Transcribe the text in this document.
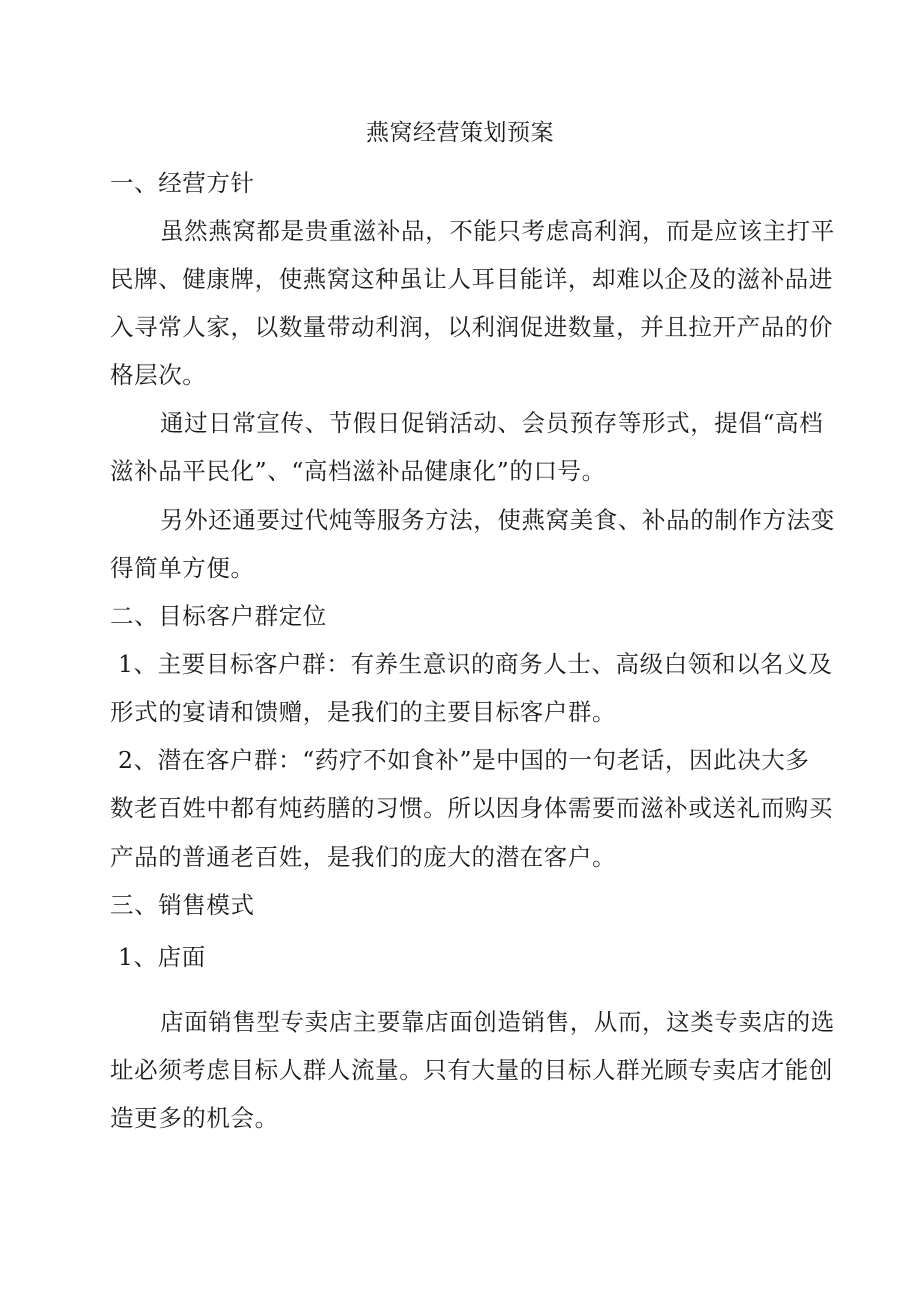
燕窝经营策划预案
一、经营方针
虽然燕窝都是贵重滋补品，不能只考虑高利润，而是应该主打平
民牌、健康牌，使燕窝这种虽让人耳目能详，却难以企及的滋补品进
入寻常人家，以数量带动利润，以利润促进数量，并且拉开产品的价
格层次。
通过日常宣传、节假日促销活动、会员预存等形式，提倡“高档
滋补品平民化”、“高档滋补品健康化”的口号。
另外还通要过代炖等服务方法，使燕窝美食、补品的制作方法变
得简单方便。
二、目标客户群定位
1、主要目标客户群：有养生意识的商务人士、高级白领和以名义及
形式的宴请和馈赠，是我们的主要目标客户群。
2、潜在客户群：“药疗不如食补”是中国的一句老话，因此决大多
数老百姓中都有炖药膳的习惯。所以因身体需要而滋补或送礼而购买
产品的普通老百姓，是我们的庞大的潜在客户。
三、销售模式
1、店面
店面销售型专卖店主要靠店面创造销售，从而，这类专卖店的选
址必须考虑目标人群人流量。只有大量的目标人群光顾专卖店才能创
造更多的机会。
